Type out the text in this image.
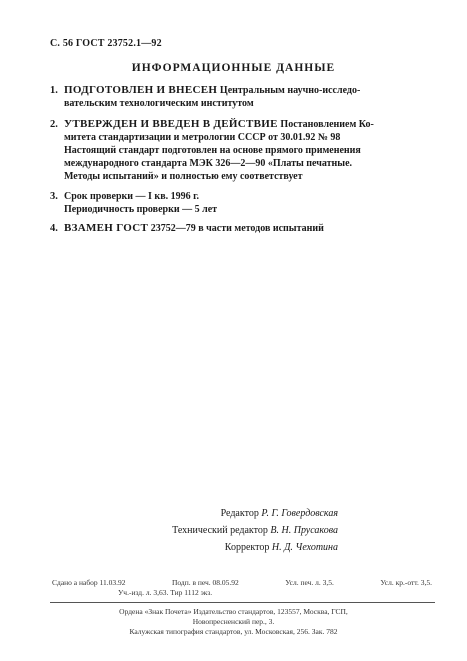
С. 56 ГОСТ 23752.1—92
ИНФОРМАЦИОННЫЕ ДАННЫЕ
1. ПОДГОТОВЛЕН И ВНЕСЕН Центральным научно-исследо-
вательским технологическим институтом
2. УТВЕРЖДЕН И ВВЕДЕН В ДЕЙСТВИЕ Постановлением Ко-
митета стандартизации и метрологии СССР от 30.01.92 № 98
Настоящий стандарт подготовлен на основе прямого применения
международного стандарта МЭК 326—2—90 «Платы печатные.
Методы испытаний» и полностью ему соответствует
3. Срок проверки — I кв. 1996 г.
Периодичность проверки — 5 лет
4. ВЗАМЕН ГОСТ 23752—79 в части методов испытаний
Редактор Р. Г. Говердовская
Технический редактор В. Н. Прусакова
Корректор Н. Д. Чехотина
Сдано а набор 11.03.92	Подп. в печ. 08.05.92	Усл. печ. л. 3,5.	Усл. кр.-отт. 3,5.
Уч.-изд. л. 3,63. Тир 1112 экз.
Ордена «Знак Почета» Издательство стандартов, 123557, Москва, ГСП,
Новопресненский пер., 3.
Калужская типография стандартов, ул. Московская, 256. Зак. 782
